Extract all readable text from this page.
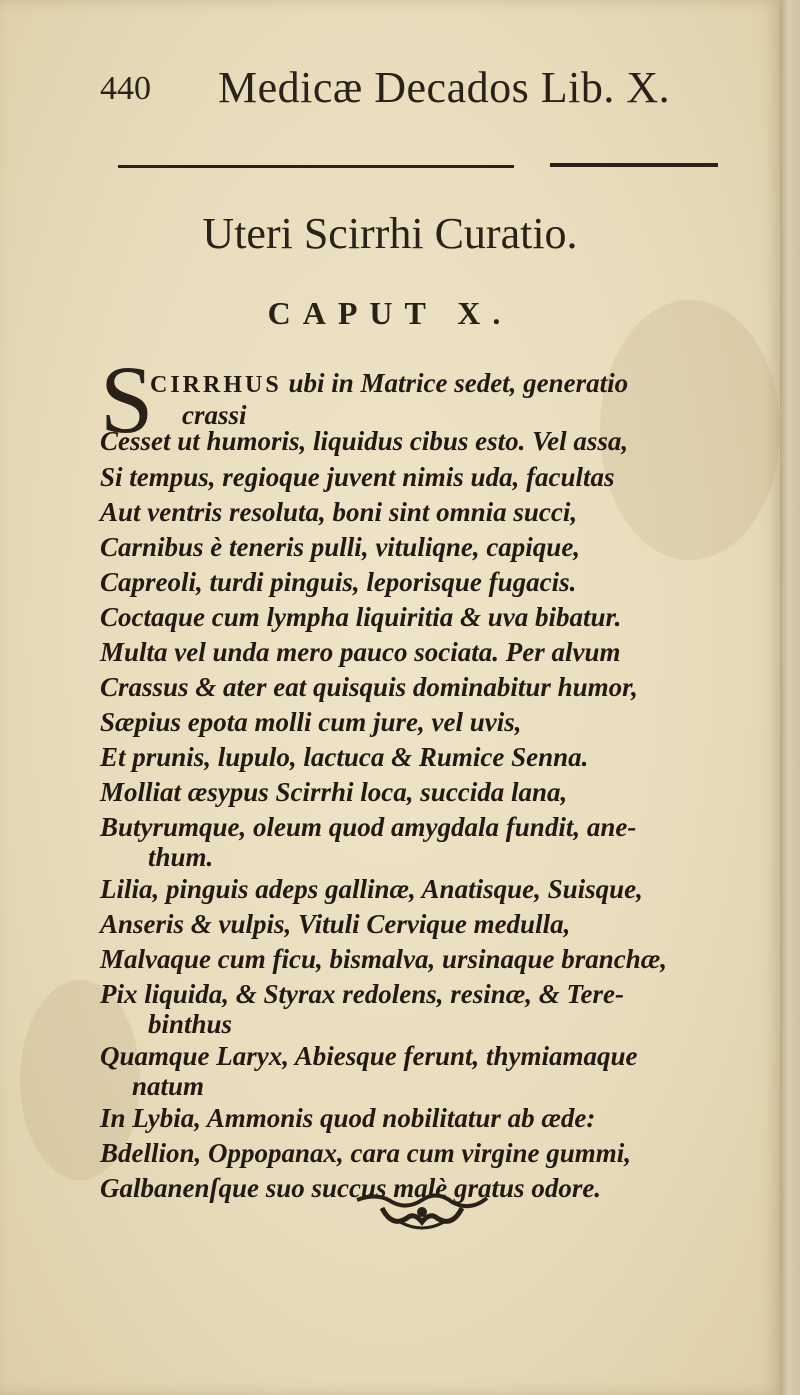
440 Medicæ Decados Lib. X.
Uteri Scirrhi Curatio.
CAPUT X.
S
CIRRHUS ubi in Matrice sedet, generatio
crassi
Cesset ut humoris, liquidus cibus esto. Vel assa,
Si tempus, regioque juvent nimis uda, facultas
Aut ventris resoluta, boni sint omnia succi,
Carnibus è teneris pulli, vituliqne, capique,
Capreoli, turdi pinguis, leporisque fugacis.
Coctaque cum lympha liquiritia & uva bibatur.
Multa vel unda mero pauco sociata. Per alvum
Crassus & ater eat quisquis dominabitur humor,
Sæpius epota molli cum jure, vel uvis,
Et prunis, lupulo, lactuca & Rumice Senna.
Molliat æsypus Scirrhi loca, succida lana,
Butyrumque, oleum quod amygdala fundit, ane-
thum.
Lilia, pinguis adeps gallinæ, Anatisque, Suisque,
Anseris & vulpis, Vituli Cervique medulla,
Malvaque cum ficu, bismalva, ursinaque branchæ,
Pix liquida, & Styrax redolens, resinæ, & Tere-
binthus
Quamque Laryx, Abiesque ferunt, thymiamaque
natum
In Lybia, Ammonis quod nobilitatur ab æde:
Bdellion, Oppopanax, cara cum virgine gummi,
Galbanenſque suo succus malè gratus odore.
